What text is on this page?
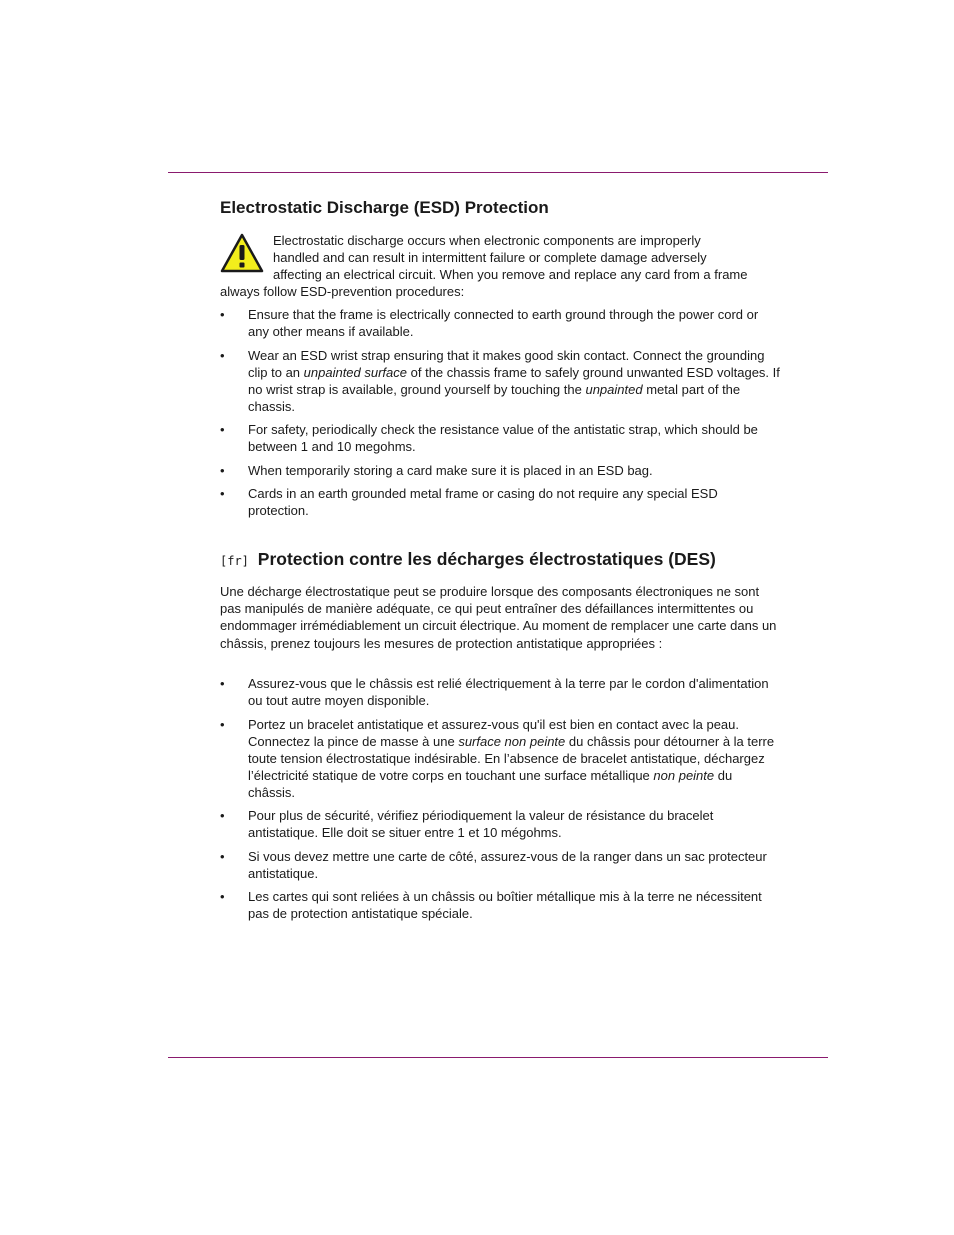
Electrostatic Discharge (ESD) Protection
Electrostatic discharge occurs when electronic components are improperly
handled and can result in intermittent failure or complete damage adversely
affecting an electrical circuit. When you remove and replace any card from a frame
always follow ESD-prevention procedures:
• Ensure that the frame is electrically connected to earth ground through the power cord or any other means if available.
• Wear an ESD wrist strap ensuring that it makes good skin contact. Connect the grounding clip to an unpainted surface of the chassis frame to safely ground unwanted ESD voltages. If no wrist strap is available, ground yourself by touching the unpainted metal part of the chassis.
• For safety, periodically check the resistance value of the antistatic strap, which should be between 1 and 10 megohms.
• When temporarily storing a card make sure it is placed in an ESD bag.
• Cards in an earth grounded metal frame or casing do not require any special ESD protection.
[fr] Protection contre les décharges électrostatiques (DES)

Une décharge électrostatique peut se produire lorsque des composants électroniques ne sont pas manipulés de manière adéquate, ce qui peut entraîner des défaillances intermittentes ou endommager irrémédiablement un circuit électrique. Au moment de remplacer une carte dans un châssis, prenez toujours les mesures de protection antistatique appropriées :

• Assurez-vous que le châssis est relié électriquement à la terre par le cordon d'alimentation ou tout autre moyen disponible.
• Portez un bracelet antistatique et assurez-vous qu'il est bien en contact avec la peau. Connectez la pince de masse à une surface non peinte du châssis pour détourner à la terre toute tension électrostatique indésirable. En l’absence de bracelet antistatique, déchargez l’électricité statique de votre corps en touchant une surface métallique non peinte du châssis.
• Pour plus de sécurité, vérifiez périodiquement la valeur de résistance du bracelet antistatique. Elle doit se situer entre 1 et 10 mégohms.
• Si vous devez mettre une carte de côté, assurez-vous de la ranger dans un sac protecteur antistatique.
• Les cartes qui sont reliées à un châssis ou boîtier métallique mis à la terre ne nécessitent pas de protection antistatique spéciale.
